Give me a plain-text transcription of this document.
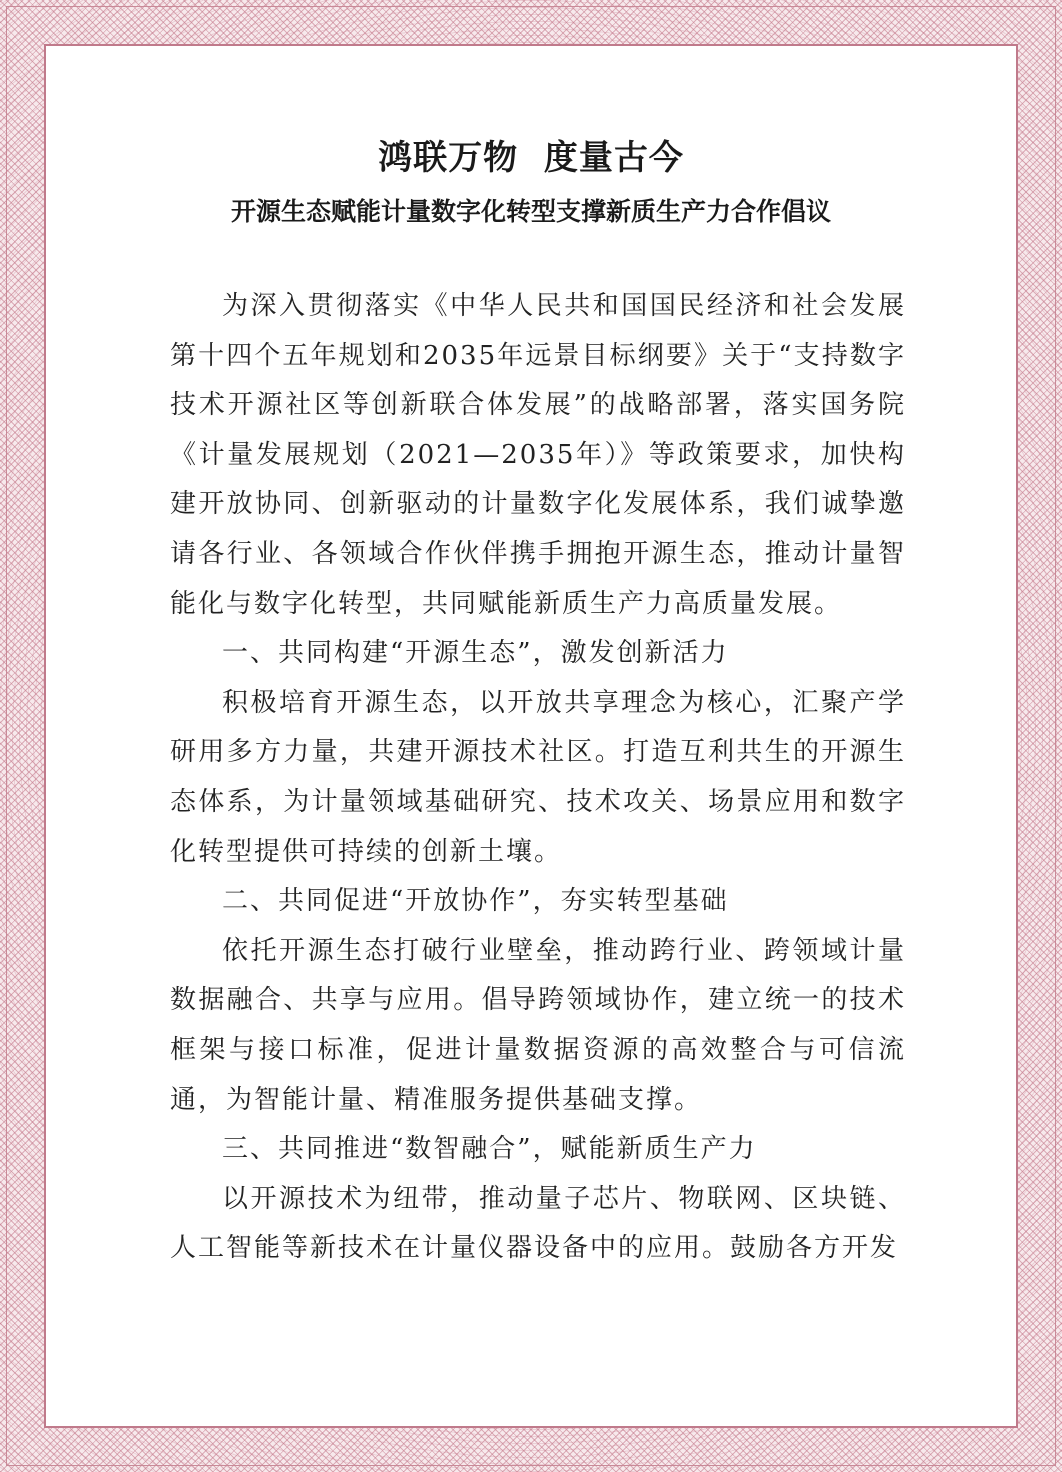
鸿联万物  度量古今
开源生态赋能计量数字化转型支撑新质生产力合作倡议

为深入贯彻落实《中华人民共和国国民经济和社会发展第十四个五年规划和2035年远景目标纲要》关于“支持数字技术开源社区等创新联合体发展”的战略部署，落实国务院《计量发展规划（2021—2035年）》等政策要求，加快构建开放协同、创新驱动的计量数字化发展体系，我们诚挚邀请各行业、各领域合作伙伴携手拥抱开源生态，推动计量智能化与数字化转型，共同赋能新质生产力高质量发展。

一、共同构建“开源生态”，激发创新活力

积极培育开源生态，以开放共享理念为核心，汇聚产学研用多方力量，共建开源技术社区。打造互利共生的开源生态体系，为计量领域基础研究、技术攻关、场景应用和数字化转型提供可持续的创新土壤。

二、共同促进“开放协作”，夯实转型基础

依托开源生态打破行业壁垒，推动跨行业、跨领域计量数据融合、共享与应用。倡导跨领域协作，建立统一的技术框架与接口标准，促进计量数据资源的高效整合与可信流通，为智能计量、精准服务提供基础支撑。

三、共同推进“数智融合”，赋能新质生产力

以开源技术为纽带，推动量子芯片、物联网、区块链、人工智能等新技术在计量仪器设备中的应用。鼓励各方开发
